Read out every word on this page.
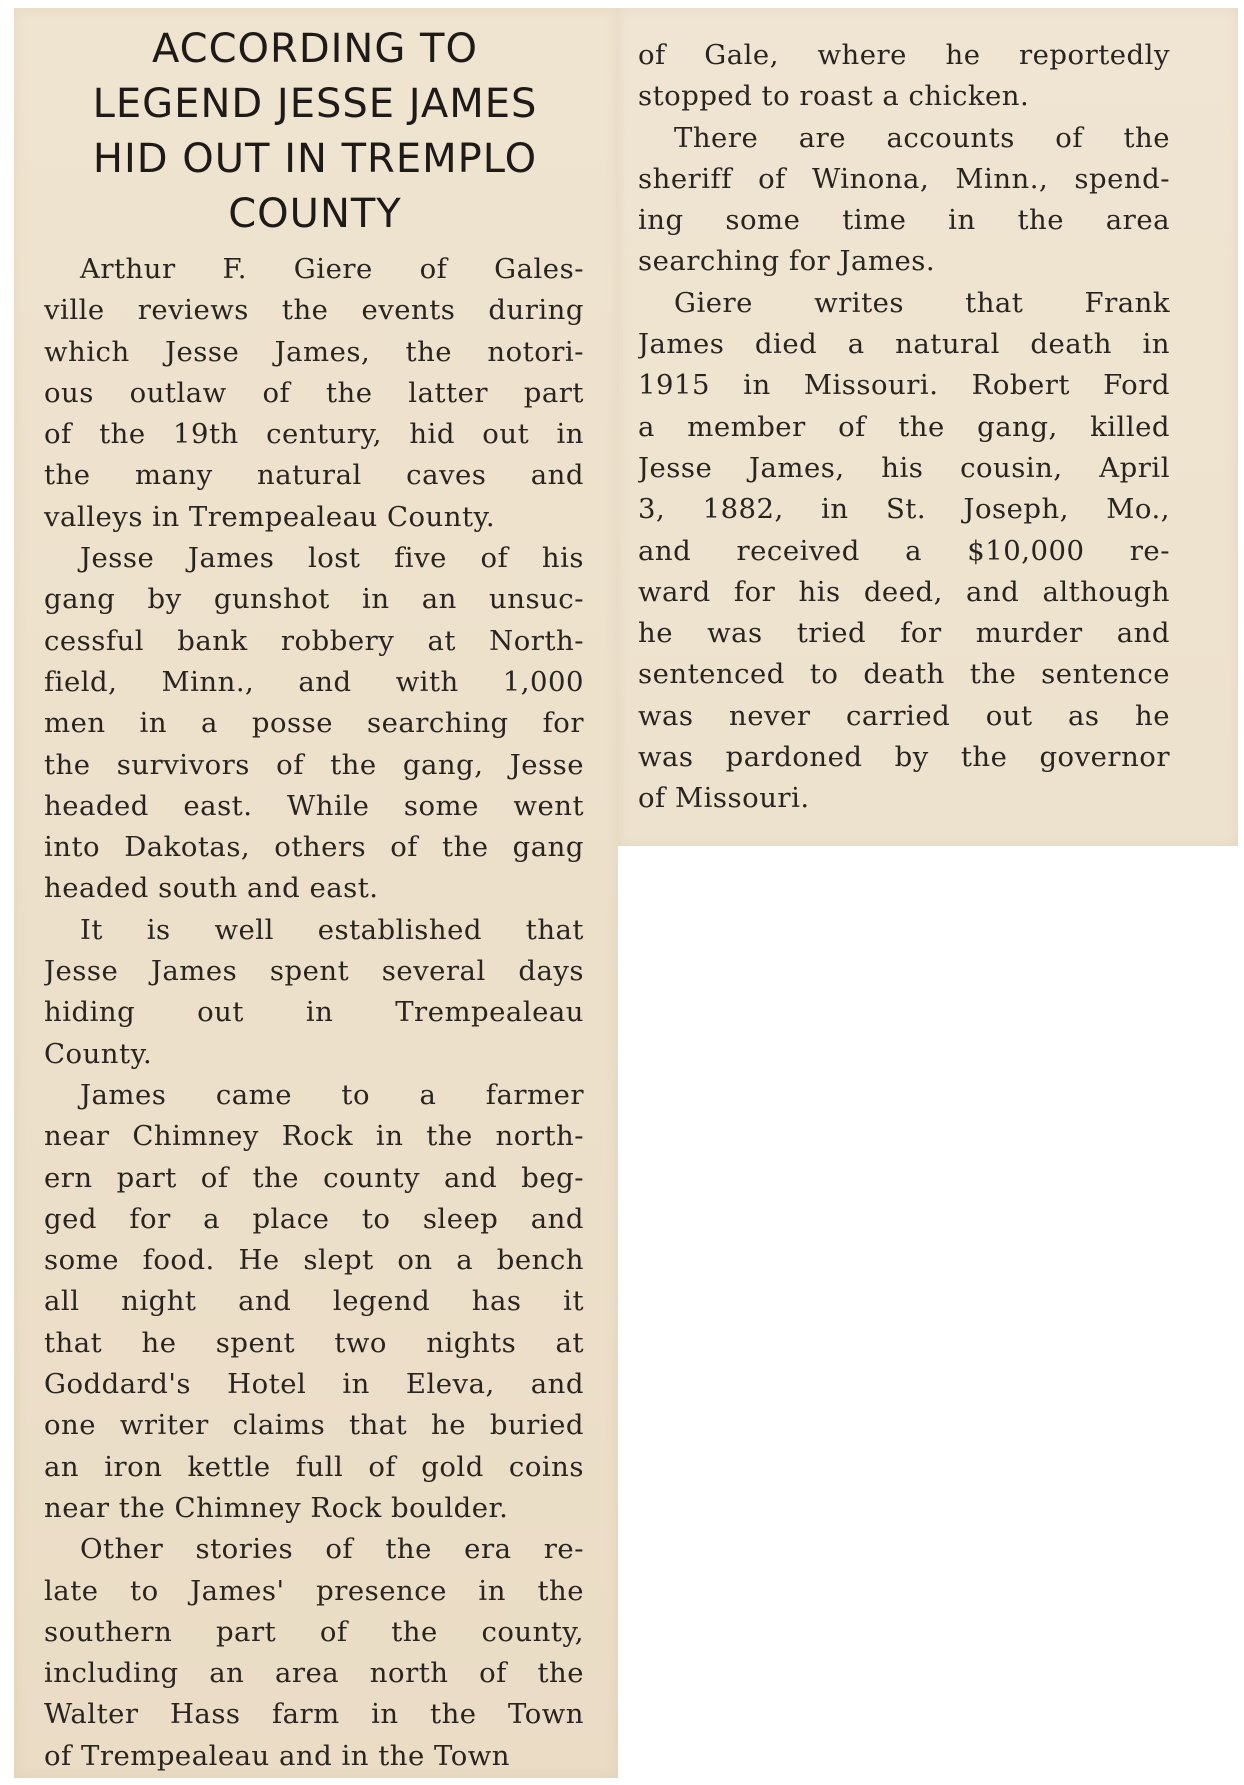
ACCORDING TO
LEGEND JESSE JAMES
HID OUT IN TREMPLO
COUNTY

Arthur F. Giere of Gales-
ville reviews the events during
which Jesse James, the notori-
ous outlaw of the latter part
of the 19th century, hid out in
the many natural caves and
valleys in Trempealeau County.

Jesse James lost five of his
gang by gunshot in an unsuc-
cessful bank robbery at North-
field, Minn., and with 1,000
men in a posse searching for
the survivors of the gang, Jesse
headed east. While some went
into Dakotas, others of the gang
headed south and east.

It is well established that
Jesse James spent several days
hiding out in Trempealeau
County.

James came to a farmer
near Chimney Rock in the north-
ern part of the county and beg-
ged for a place to sleep and
some food. He slept on a bench
all night and legend has it
that he spent two nights at
Goddard's Hotel in Eleva, and
one writer claims that he buried
an iron kettle full of gold coins
near the Chimney Rock boulder.

Other stories of the era re-
late to James' presence in the
southern part of the county,
including an area north of the
Walter Hass farm in the Town
of Trempealeau and in the Town

of Gale, where he reportedly
stopped to roast a chicken.

There are accounts of the
sheriff of Winona, Minn., spend-
ing some time in the area
searching for James.

Giere writes that Frank
James died a natural death in
1915 in Missouri. Robert Ford
a member of the gang, killed
Jesse James, his cousin, April
3, 1882, in St. Joseph, Mo.,
and received a $10,000 re-
ward for his deed, and although
he was tried for murder and
sentenced to death the sentence
was never carried out as he
was pardoned by the governor
of Missouri.
